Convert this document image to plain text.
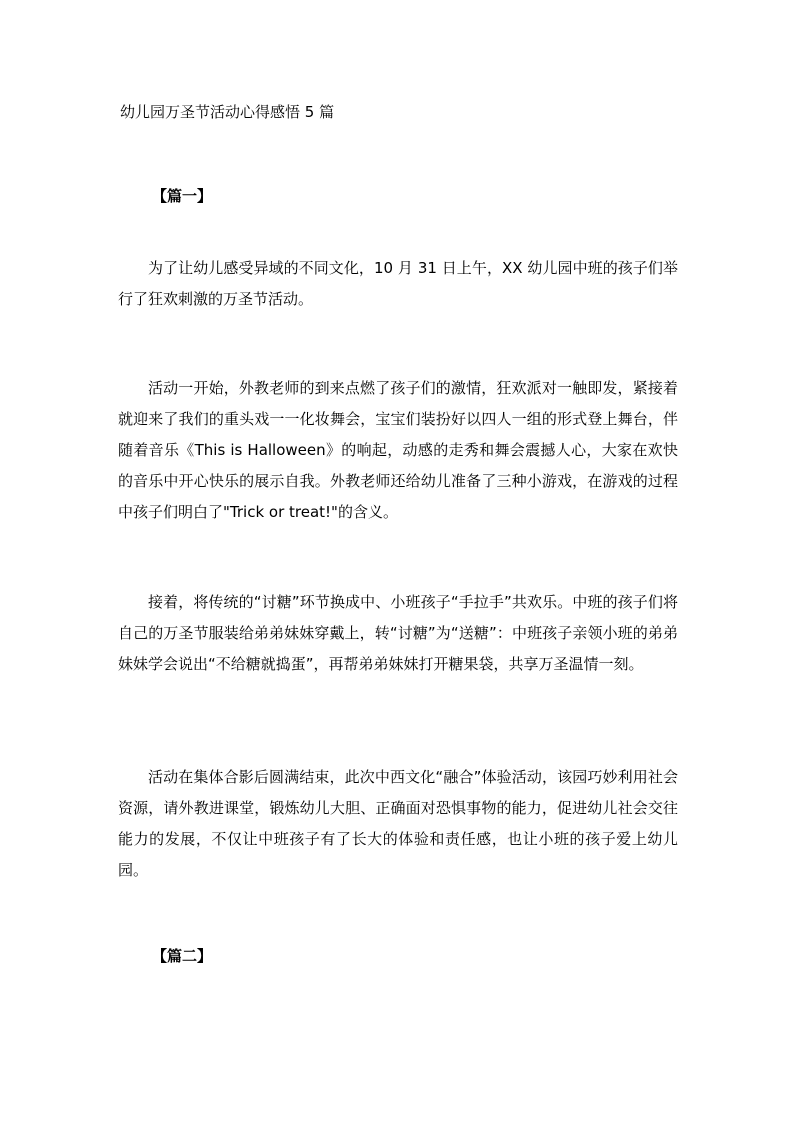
幼儿园万圣节活动心得感悟 5 篇
【篇一】

为了让幼儿感受异域的不同文化，10 月 31 日上午，XX 幼儿园中班的孩子们举行了狂欢刺激的万圣节活动。

活动一开始，外教老师的到来点燃了孩子们的激情，狂欢派对一触即发，紧接着就迎来了我们的重头戏一一化妆舞会，宝宝们装扮好以四人一组的形式登上舞台，伴随着音乐《This is Halloween》的响起，动感的走秀和舞会震撼人心，大家在欢快的音乐中开心快乐的展示自我。外教老师还给幼儿准备了三种小游戏，在游戏的过程中孩子们明白了"Trick or treat!"的含义。

接着，将传统的“讨糖”环节换成中、小班孩子“手拉手”共欢乐。中班的孩子们将自己的万圣节服装给弟弟妹妹穿戴上，转“讨糖”为“送糖”：中班孩子亲领小班的弟弟妹妹学会说出“不给糖就捣蛋”，再帮弟弟妹妹打开糖果袋，共享万圣温情一刻。

活动在集体合影后圆满结束，此次中西文化“融合”体验活动，该园巧妙利用社会资源，请外教进课堂，锻炼幼儿大胆、正确面对恐惧事物的能力，促进幼儿社会交往能力的发展，不仅让中班孩子有了长大的体验和责任感，也让小班的孩子爱上幼儿园。

【篇二】
